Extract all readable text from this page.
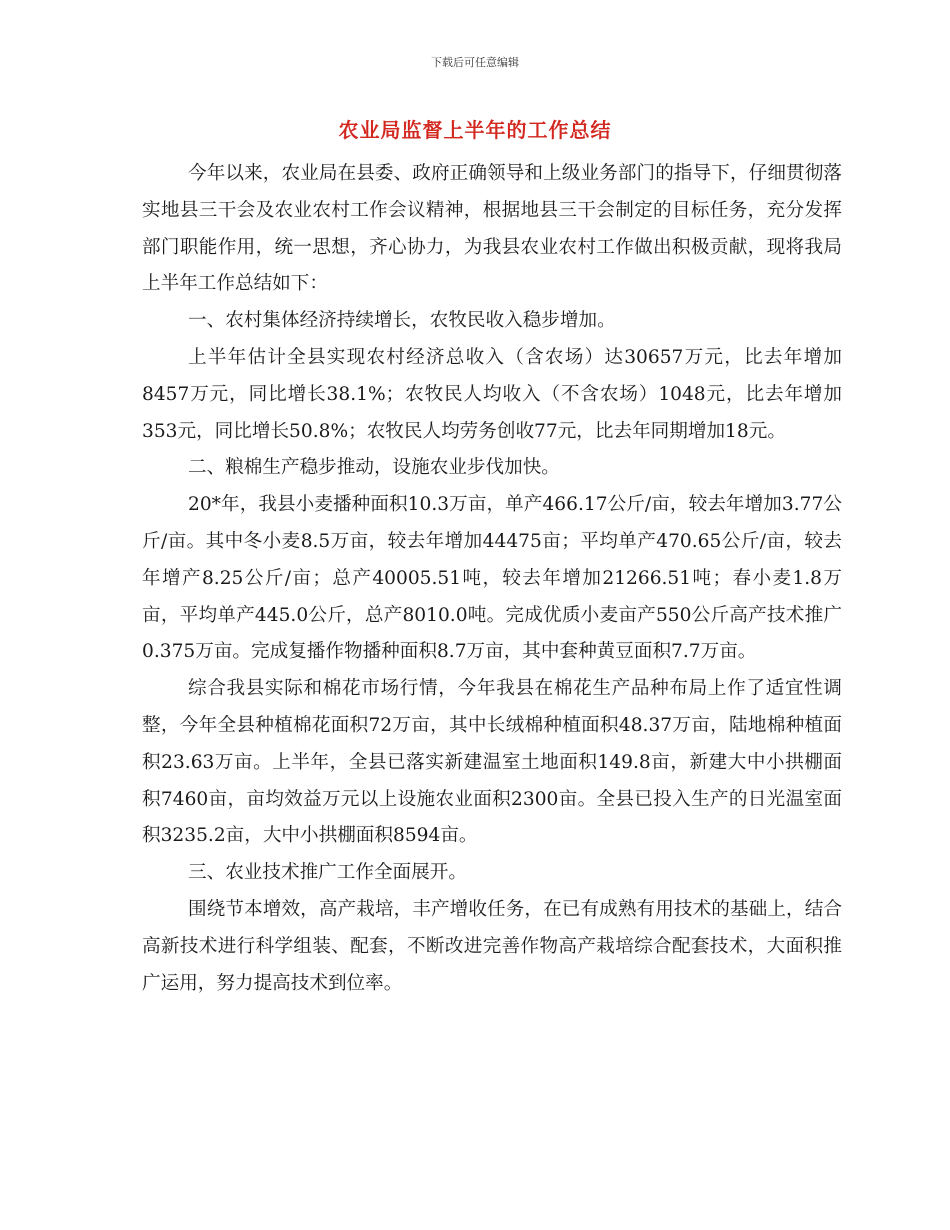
下载后可任意编辑
农业局监督上半年的工作总结

今年以来，农业局在县委、政府正确领导和上级业务部门的指导下，仔细贯彻落实地县三干会及农业农村工作会议精神，根据地县三干会制定的目标任务，充分发挥部门职能作用，统一思想，齐心协力，为我县农业农村工作做出积极贡献，现将我局上半年工作总结如下：

一、农村集体经济持续增长，农牧民收入稳步增加。

上半年估计全县实现农村经济总收入（含农场）达30657万元，比去年增加8457万元，同比增长38.1%；农牧民人均收入（不含农场）1048元，比去年增加353元，同比增长50.8%；农牧民人均劳务创收77元，比去年同期增加18元。

二、粮棉生产稳步推动，设施农业步伐加快。

20*年，我县小麦播种面积10.3万亩，单产466.17公斤/亩，较去年增加3.77公斤/亩。其中冬小麦8.5万亩，较去年增加44475亩；平均单产470.65公斤/亩，较去年增产8.25公斤/亩；总产40005.51吨，较去年增加21266.51吨；春小麦1.8万亩，平均单产445.0公斤，总产8010.0吨。完成优质小麦亩产550公斤高产技术推广0.375万亩。完成复播作物播种面积8.7万亩，其中套种黄豆面积7.7万亩。

综合我县实际和棉花市场行情，今年我县在棉花生产品种布局上作了适宜性调整，今年全县种植棉花面积72万亩，其中长绒棉种植面积48.37万亩，陆地棉种植面积23.63万亩。上半年，全县已落实新建温室土地面积149.8亩，新建大中小拱棚面积7460亩，亩均效益万元以上设施农业面积2300亩。全县已投入生产的日光温室面积3235.2亩，大中小拱棚面积8594亩。

三、农业技术推广工作全面展开。

围绕节本增效，高产栽培，丰产增收任务，在已有成熟有用技术的基础上，结合高新技术进行科学组装、配套，不断改进完善作物高产栽培综合配套技术，大面积推广运用，努力提高技术到位率。
